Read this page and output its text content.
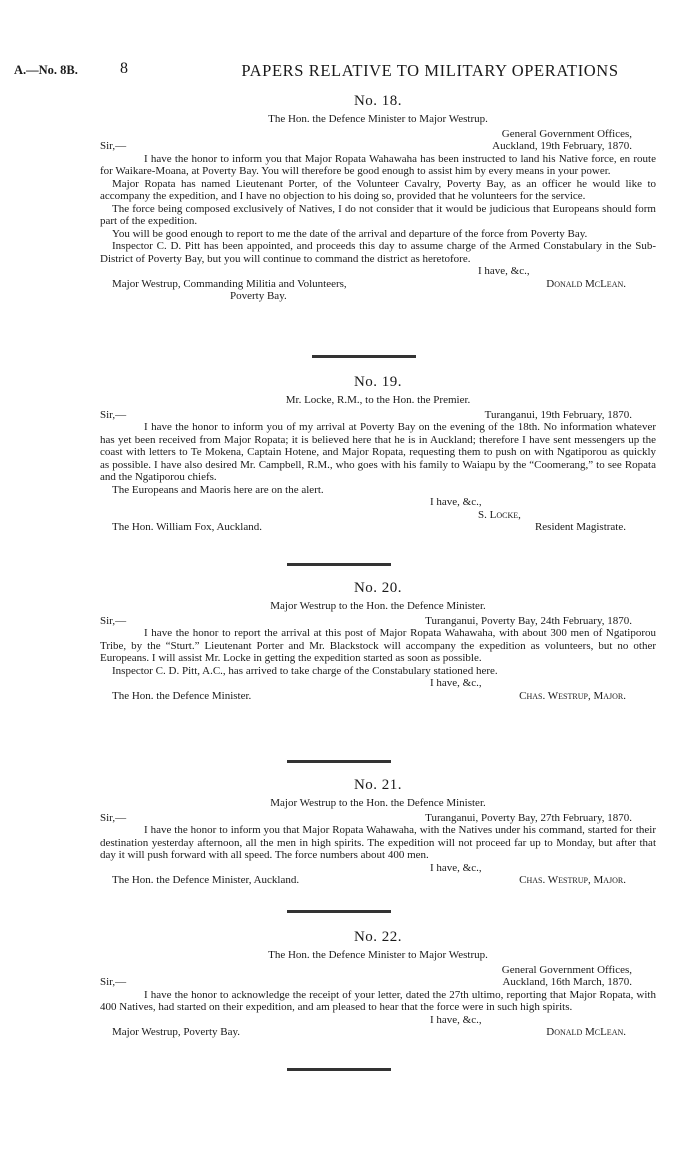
A.—No. 8B.	8	PAPERS RELATIVE TO MILITARY OPERATIONS
No. 18.
The Hon. the Defence Minister to Major Westrup.
General Government Offices,
Sir,—	Auckland, 19th February, 1870.

I have the honor to inform you that Major Ropata Wahawaha has been instructed to land his Native force, en route for Waikare-Moana, at Poverty Bay. You will therefore be good enough to assist him by every means in your power.

Major Ropata has named Lieutenant Porter, of the Volunteer Cavalry, Poverty Bay, as an officer he would like to accompany the expedition, and I have no objection to his doing so, provided that he volunteers for the service.

The force being composed exclusively of Natives, I do not consider that it would be judicious that Europeans should form part of the expedition.

You will be good enough to report to me the date of the arrival and departure of the force from Poverty Bay.

Inspector C. D. Pitt has been appointed, and proceeds this day to assume charge of the Armed Constabulary in the Sub-District of Poverty Bay, but you will continue to command the district as heretofore.

I have, &c.,
Major Westrup, Commanding Militia and Volunteers,	Donald McLean.
Poverty Bay.
No. 19.
Mr. Locke, R.M., to the Hon. the Premier.
Sir,—	Turanganui, 19th February, 1870.

I have the honor to inform you of my arrival at Poverty Bay on the evening of the 18th. No information whatever has yet been received from Major Ropata; it is believed here that he is in Auckland; therefore I have sent messengers up the coast with letters to Te Mokena, Captain Hotene, and Major Ropata, requesting them to push on with Ngatiporou as quickly as possible. I have also desired Mr. Campbell, R.M., who goes with his family to Waiapu by the “Coomerang,” to see Ropata and the Ngatiporou chiefs.

The Europeans and Maoris here are on the alert.

I have, &c.,
S. Locke,
The Hon. William Fox, Auckland.	Resident Magistrate.
No. 20.
Major Westrup to the Hon. the Defence Minister.
Sir,—	Turanganui, Poverty Bay, 24th February, 1870.

I have the honor to report the arrival at this post of Major Ropata Wahawaha, with about 300 men of Ngatiporou Tribe, by the “Sturt.” Lieutenant Porter and Mr. Blackstock will accompany the expedition as volunteers, but no other Europeans. I will assist Mr. Locke in getting the expedition started as soon as possible.

Inspector C. D. Pitt, A.C., has arrived to take charge of the Constabulary stationed here.

I have, &c.,
The Hon. the Defence Minister.	Chas. Westrup, Major.
No. 21.
Major Westrup to the Hon. the Defence Minister.
Sir,—	Turanganui, Poverty Bay, 27th February, 1870.

I have the honor to inform you that Major Ropata Wahawaha, with the Natives under his command, started for their destination yesterday afternoon, all the men in high spirits. The expedition will not proceed far up to Monday, but after that day it will push forward with all speed. The force numbers about 400 men.

I have, &c.,
The Hon. the Defence Minister, Auckland.	Chas. Westrup, Major.
No. 22.
The Hon. the Defence Minister to Major Westrup.
General Government Offices,
Sir,—	Auckland, 16th March, 1870.

I have the honor to acknowledge the receipt of your letter, dated the 27th ultimo, reporting that Major Ropata, with 400 Natives, had started on their expedition, and am pleased to hear that the force were in such high spirits.

I have, &c.,
Major Westrup, Poverty Bay.	Donald McLean.
